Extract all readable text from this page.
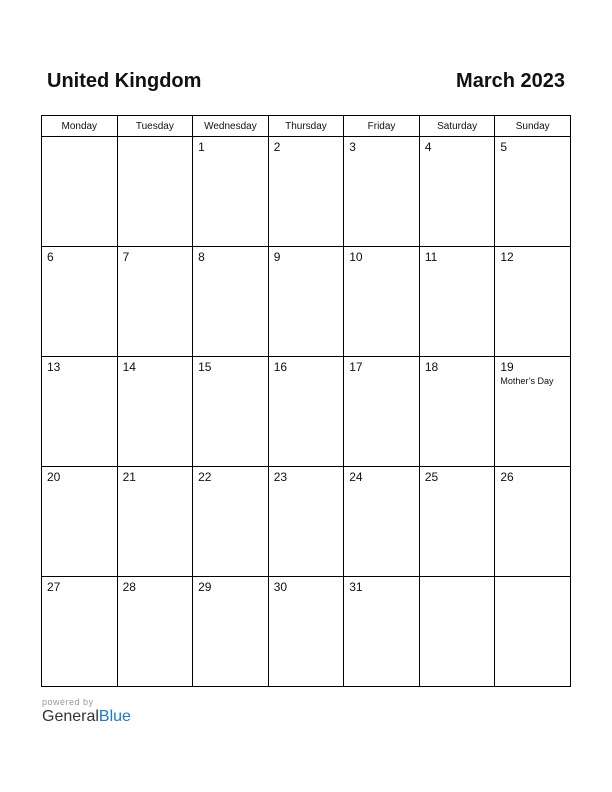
United Kingdom	March 2023
Monday	Tuesday	Wednesday	Thursday	Friday	Saturday	Sunday

		1	2	3	4	5

6	7	8	9	10	11	12

13	14	15	16	17	18	19
Mother’s Day

20	21	22	23	24	25	26

27	28	29	30	31		

powered by
GeneralBlue
